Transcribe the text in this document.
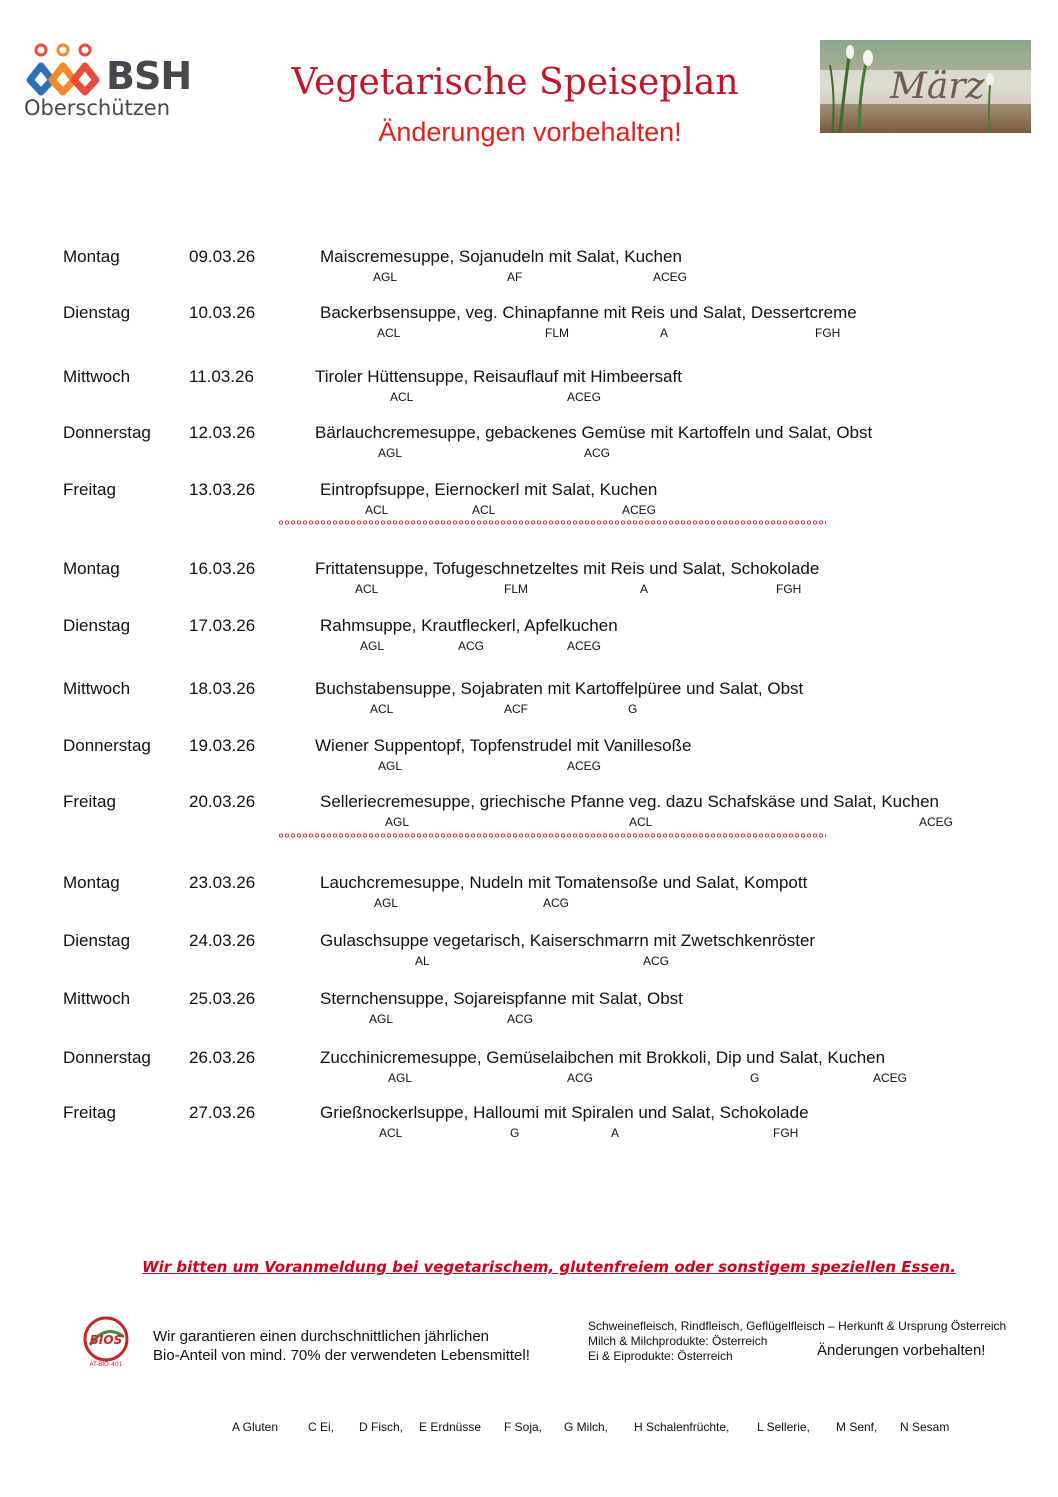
BSH
Oberschützen
Vegetarische Speiseplan
Änderungen vorbehalten!
März
Montag	09.03.26	Maiscremesuppe, Sojanudeln mit Salat, Kuchen
AGL	AF	ACEG
Dienstag	10.03.26	Backerbsensuppe, veg. Chinapfanne mit Reis und Salat, Dessertcreme
ACL	FLM	A	FGH
Mittwoch	11.03.26	Tiroler Hüttensuppe, Reisauflauf mit Himbeersaft
ACL	ACEG
Donnerstag 12.03.26	Bärlauchcremesuppe, gebackenes Gemüse mit Kartoffeln und Salat, Obst
AGL	ACG
Freitag	13.03.26	Eintropfsuppe, Eiernockerl mit Salat, Kuchen
ACL	ACL	ACEG
Montag	16.03.26	Frittatensuppe, Tofugeschnetzeltes mit Reis und Salat, Schokolade
ACL	FLM	A	FGH
Dienstag	17.03.26	Rahmsuppe, Krautfleckerl, Apfelkuchen
AGL	ACG	ACEG
Mittwoch	18.03.26	Buchstabensuppe, Sojabraten mit Kartoffelpüree und Salat, Obst
ACL	ACF	G
Donnerstag 19.03.26	Wiener Suppentopf, Topfenstrudel mit Vanillesoße
AGL	ACEG
Freitag	20.03.26	Selleriecremesuppe, griechische Pfanne veg. dazu Schafskäse und Salat, Kuchen
AGL	ACL	ACEG
Montag	23.03.26	Lauchcremesuppe, Nudeln mit Tomatensoße und Salat, Kompott
AGL	ACG
Dienstag	24.03.26	Gulaschsuppe vegetarisch, Kaiserschmarrn mit Zwetschkenröster
AL	ACG
Mittwoch	25.03.26	Sternchensuppe, Sojareispfanne mit Salat, Obst
AGL	ACG
Donnerstag 26.03.26	Zucchinicremesuppe, Gemüselaibchen mit Brokkoli, Dip und Salat, Kuchen
AGL	ACG	G	ACEG
Freitag	27.03.26	Grießnockerlsuppe, Halloumi mit Spiralen und Salat, Schokolade
ACL	G	A	FGH
Wir bitten um Voranmeldung bei vegetarischem, glutenfreiem oder sonstigem speziellen Essen.
BIOS
AT-BIO-401
Wir garantieren einen durchschnittlichen jährlichen
Bio-Anteil von mind. 70% der verwendeten Lebensmittel!
Schweinefleisch, Rindfleisch, Geflügelfleisch – Herkunft & Ursprung Österreich
Milch & Milchprodukte: Österreich
Ei & Eiprodukte: Österreich	Änderungen vorbehalten!
A Gluten C Ei, D Fisch, E Erdnüsse F Soja, G Milch, H Schalenfrüchte, L Sellerie, M Senf, N Sesam
